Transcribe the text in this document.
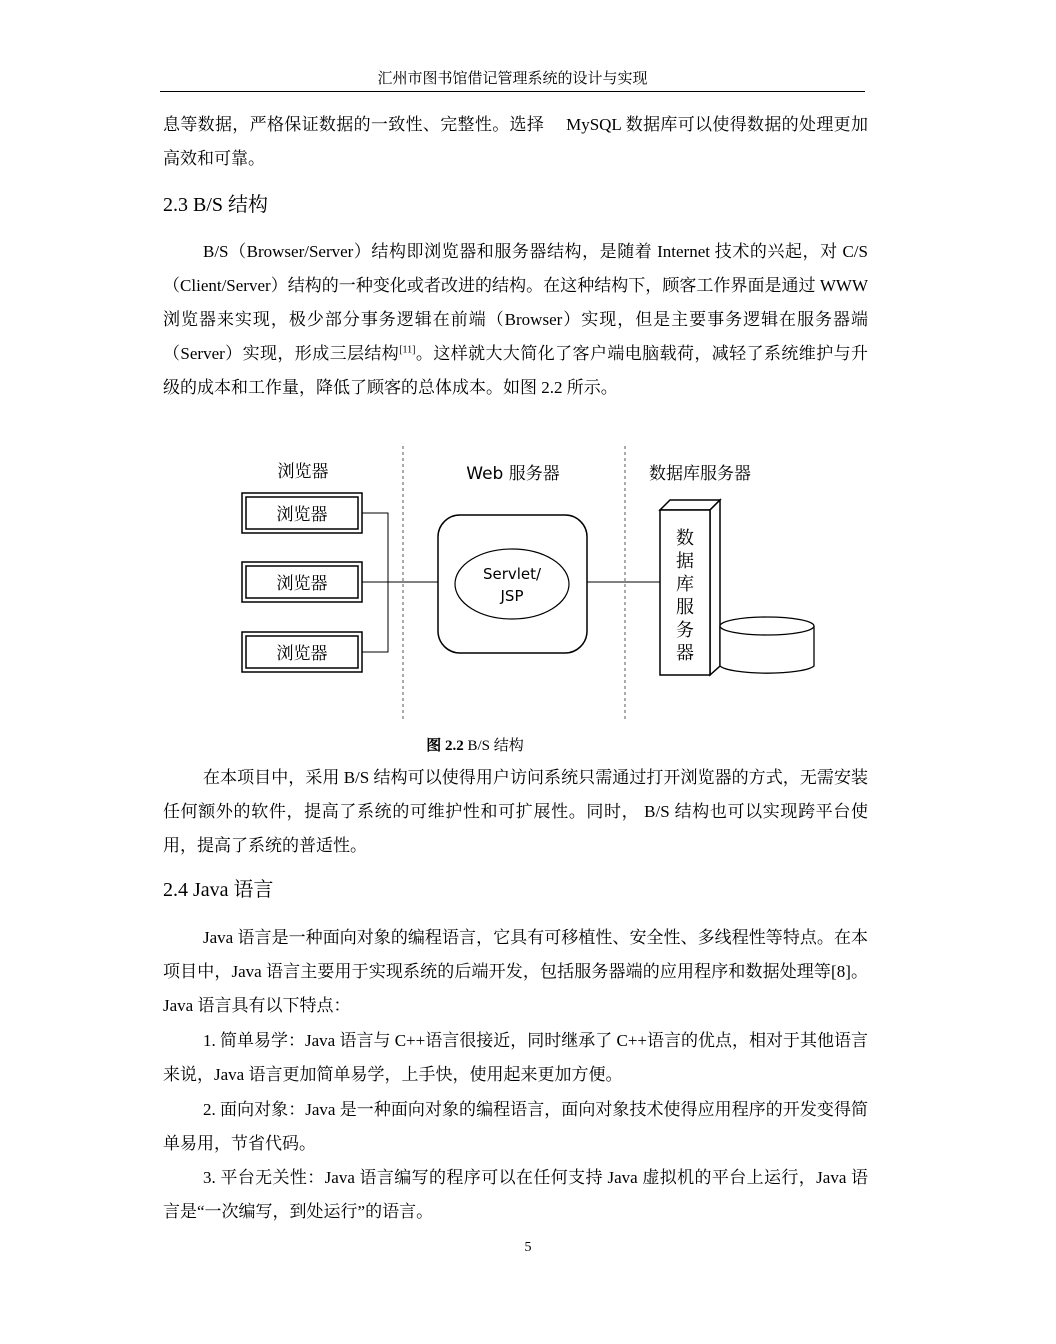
汇州市图书馆借记管理系统的设计与实现

息等数据，严格保证数据的一致性、完整性。选择　 MySQL 数据库可以使得数据的处理更加高效和可靠。

2.3 B/S 结构

B/S（Browser/Server）结构即浏览器和服务器结构，是随着 Internet 技术的兴起，对 C/S（Client/Server）结构的一种变化或者改进的结构。在这种结构下，顾客工作界面是通过 WWW 浏览器来实现，极少部分事务逻辑在前端（Browser）实现，但是主要事务逻辑在服务器端（Server）实现，形成三层结构[11]。这样就大大简化了客户端电脑载荷，减轻了系统维护与升级的成本和工作量，降低了顾客的总体成本。如图 2.2 所示。

浏览器	Web 服务器	数据库服务器
浏览器
浏览器
浏览器
Servlet/
JSP
数
据
库
服
务
器
图 2.2 B/S 结构

在本项目中，采用 B/S 结构可以使得用户访问系统只需通过打开浏览器的方式，无需安装任何额外的软件，提高了系统的可维护性和可扩展性。同时， B/S 结构也可以实现跨平台使用，提高了系统的普适性。

2.4 Java 语言

Java 语言是一种面向对象的编程语言，它具有可移植性、安全性、多线程性等特点。在本项目中，Java 语言主要用于实现系统的后端开发，包括服务器端的应用程序和数据处理等[8]。Java 语言具有以下特点：

1. 简单易学：Java 语言与 C++语言很接近，同时继承了 C++语言的优点，相对于其他语言来说，Java 语言更加简单易学，上手快，使用起来更加方便。

2. 面向对象：Java 是一种面向对象的编程语言，面向对象技术使得应用程序的开发变得简单易用，节省代码。

3. 平台无关性：Java 语言编写的程序可以在任何支持 Java 虚拟机的平台上运行，Java 语言是“一次编写，到处运行”的语言。

5
